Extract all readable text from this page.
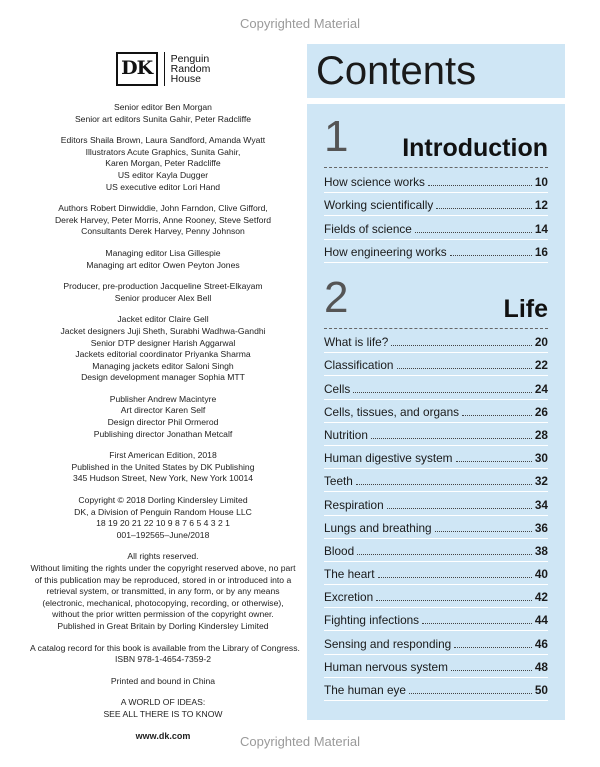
Copyrighted Material
DK	Penguin
Random
House
Senior editor Ben Morgan
Senior art editors Sunita Gahir, Peter Radcliffe
Editors Shaila Brown, Laura Sandford, Amanda Wyatt
Illustrators Acute Graphics, Sunita Gahir,
Karen Morgan, Peter Radcliffe
US editor Kayla Dugger
US executive editor Lori Hand
Authors Robert Dinwiddie, John Farndon, Clive Gifford,
Derek Harvey, Peter Morris, Anne Rooney, Steve Setford
Consultants Derek Harvey, Penny Johnson
Managing editor Lisa Gillespie
Managing art editor Owen Peyton Jones
Producer, pre-production Jacqueline Street-Elkayam
Senior producer Alex Bell
Jacket editor Claire Gell
Jacket designers Juji Sheth, Surabhi Wadhwa-Gandhi
Senior DTP designer Harish Aggarwal
Jackets editorial coordinator Priyanka Sharma
Managing jackets editor Saloni Singh
Design development manager Sophia MTT
Publisher Andrew Macintyre
Art director Karen Self
Design director Phil Ormerod
Publishing director Jonathan Metcalf
First American Edition, 2018
Published in the United States by DK Publishing
345 Hudson Street, New York, New York 10014
Copyright © 2018 Dorling Kindersley Limited
DK, a Division of Penguin Random House LLC
18 19 20 21 22 10 9 8 7 6 5 4 3 2 1
001–192565–June/2018
All rights reserved.
Without limiting the rights under the copyright reserved above, no part
of this publication may be reproduced, stored in or introduced into a
retrieval system, or transmitted, in any form, or by any means
(electronic, mechanical, photocopying, recording, or otherwise),
without the prior written permission of the copyright owner.
Published in Great Britain by Dorling Kindersley Limited
A catalog record for this book is available from the Library of Congress.
ISBN 978-1-4654-7359-2
Printed and bound in China
A WORLD OF IDEAS:
SEE ALL THERE IS TO KNOW
www.dk.com
Contents
1 Introduction
How science works	10
Working scientifically	12
Fields of science	14
How engineering works	16
2	Life
What is life?	20
Classification	22
Cells	24
Cells, tissues, and organs	26
Nutrition	28
Human digestive system	30
Teeth	32
Respiration	34
Lungs and breathing	36
Blood	38
The heart	40
Excretion	42
Fighting infections	44
Sensing and responding	46
Human nervous system	48
The human eye	50
Copyrighted Material
